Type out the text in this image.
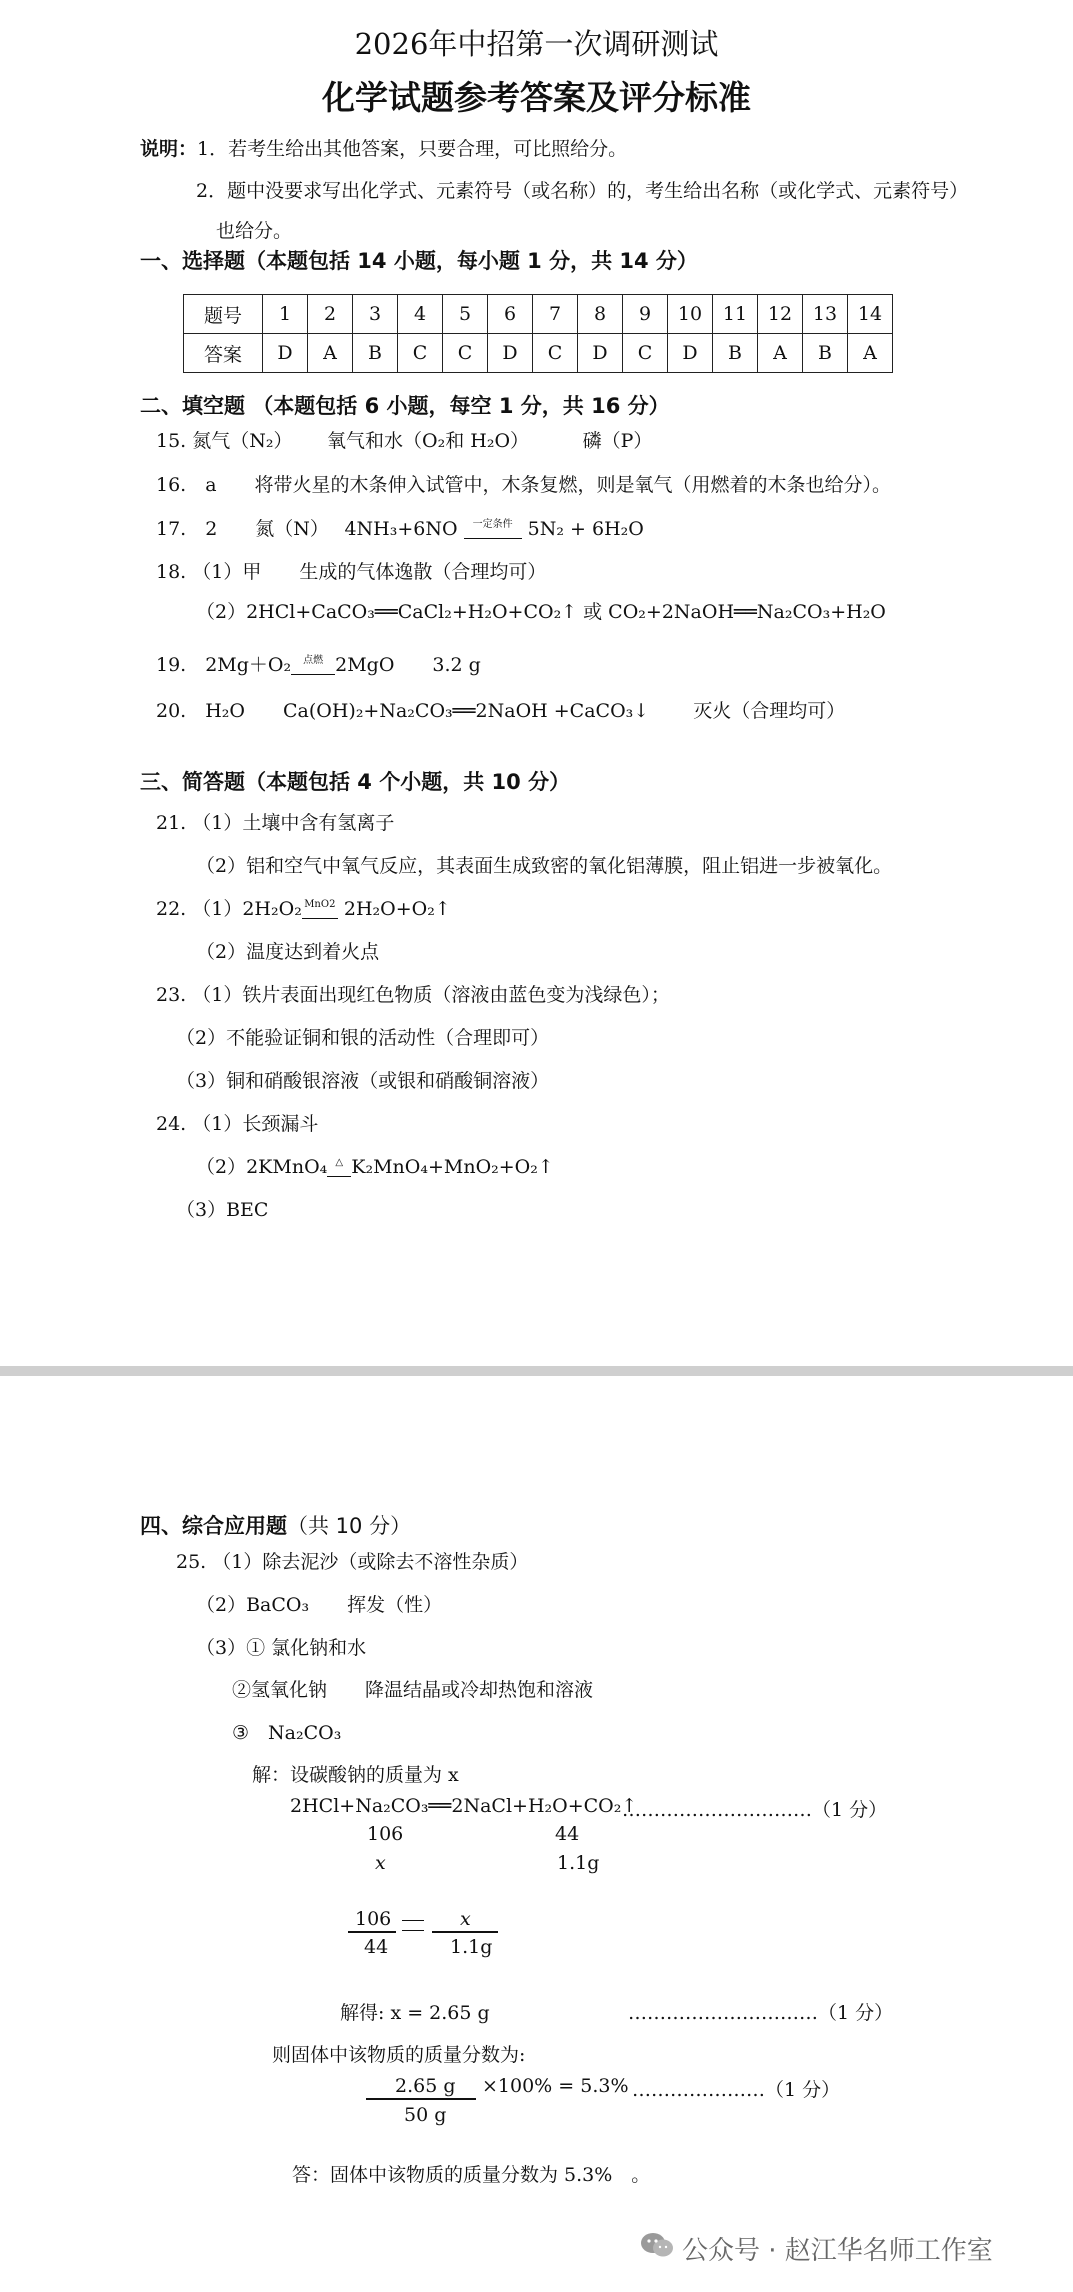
2026年中招第一次调研测试
化学试题参考答案及评分标准
说明：1．若考生给出其他答案，只要合理，可比照给分。
2．题中没要求写出化学式、元素符号（或名称）的，考生给出名称（或化学式、元素符号）
也给分。
一、选择题（本题包括 14 小题，每小题 1 分，共 14 分）
题号	1	2	3	4	5	6	7	8	9	10	11	12	13	14
答案	D	A	B	C	C	D	C	D	C	D	B	A	B	A
二、填空题 （本题包括 6 小题，每空 1 分，共 16 分）
15. 氮气（N₂）　　 氧气和水（O₂和 H₂O）　　　 磷（P）
16.　a　　将带火星的木条伸入试管中，木条复燃，则是氧气（用燃着的木条也给分）。
17.　2　　氮（N）　 4NH₃+6NO $^{一定条件}$ 5N₂ + 6H₂O
18. （1）甲　　生成的气体逸散（合理均可）
（2）2HCl+CaCO₃══CaCl₂+H₂O+CO₂↑ 或 CO₂+2NaOH══Na₂CO₃+H₂O
19.　2Mg＋O₂ $^{点燃}$ 2MgO　　3.2 g
20.　H₂O　　Ca(OH)₂+Na₂CO₃══2NaOH +CaCO₃↓　　 灭火（合理均可）
三、简答题（本题包括 4 个小题，共 10 分）
21. （1）土壤中含有氢离子
（2）铝和空气中氧气反应，其表面生成致密的氧化铝薄膜，阻止铝进一步被氧化。
22. （1）2H₂O₂ $^{MnO2}$ 2H₂O+O₂↑
（2）温度达到着火点
23. （1）铁片表面出现红色物质（溶液由蓝色变为浅绿色）；
（2）不能验证铜和银的活动性（合理即可）
（3）铜和硝酸银溶液（或银和硝酸铜溶液）
24. （1）长颈漏斗
（2）2KMnO₄ △ K₂MnO₄+MnO₂+O₂↑
（3）BEC
四、综合应用题（共 10 分）
25. （1）除去泥沙（或除去不溶性杂质）
（2）BaCO₃　　挥发（性）
（3）① 氯化钠和水
②氢氧化钠　　降温结晶或冷却热饱和溶液
③　Na₂CO₃
解：设碳酸钠的质量为 x
2HCl+Na₂CO₃══2NaCl+H₂O+CO₂↑
…………………………（1 分）
106	44
x	1.1g
106
44
x
1.1g
解得: x = 2.65 g	…………………………（1 分）
则固体中该物质的质量分数为:
2.65 g
50 g
×100% = 5.3% …………………（1 分）
答：固体中该物质的质量分数为 5.3%　。
公众号 · 赵江华名师工作室
